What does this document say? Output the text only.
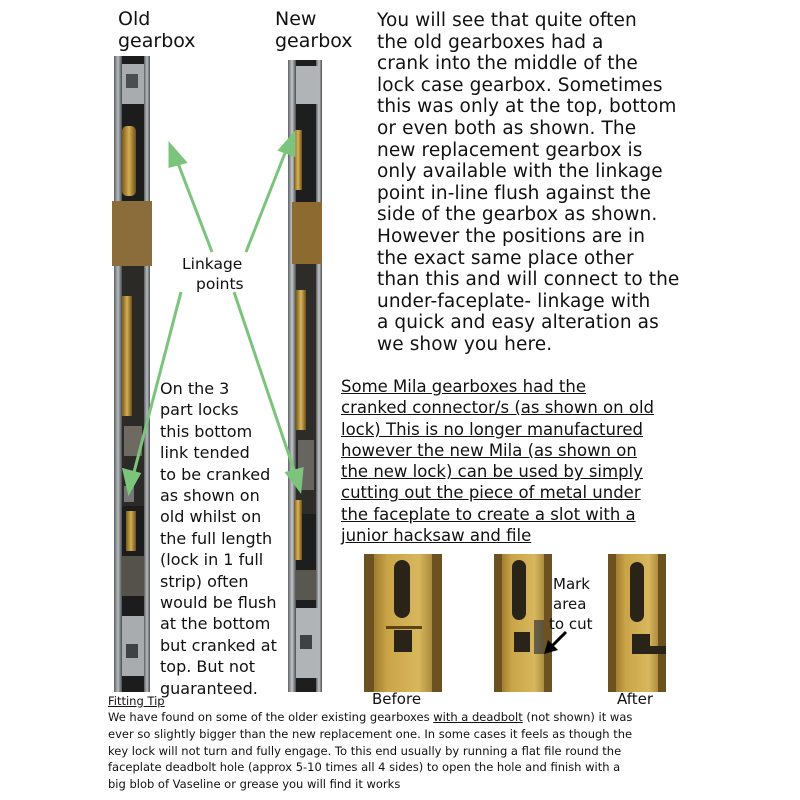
Old
gearbox
New
gearbox
Linkage
points
You will see that quite often
the old gearboxes had a
crank into the middle of the
lock case gearbox. Sometimes
this was only at the top, bottom
or even both as shown. The
new replacement gearbox is
only available with the linkage
point in-line flush against the
side of the gearbox as shown.
However the positions are in
the exact same place other
than this and will connect to the
under-faceplate- linkage with
a quick and easy alteration as
we show you here.
Some Mila gearboxes had the
cranked connector/s (as shown on old
lock) This is no longer manufactured
however the new Mila (as shown on
the new lock) can be used by simply
cutting out the piece of metal under
the faceplate to create a slot with a
junior hacksaw and file
On the 3
part locks
this bottom
link tended
to be cranked
as shown on
old whilst on
the full length
(lock in 1 full
strip) often
would be flush
at the bottom
but cranked at
top. But not
guaranteed.
Mark
area
to cut
Before	After
Fitting Tip
We have found on some of the older existing gearboxes with a deadbolt (not shown) it was
ever so slightly bigger than the new replacement one. In some cases it feels as though the
key lock will not turn and fully engage. To this end usually by running a flat file round the
faceplate deadbolt hole (approx 5-10 times all 4 sides) to open the hole and finish with a
big blob of Vaseline or grease you will find it works
